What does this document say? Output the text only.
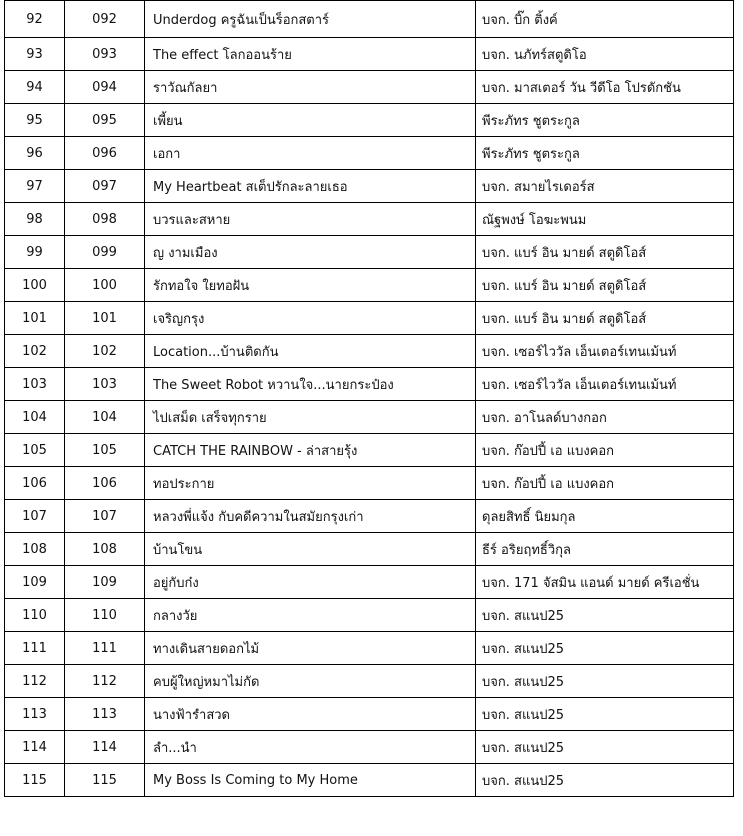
92	092	Underdog ครูฉันเป็นร็อกสตาร์	บจก. บิ๊ก ติ้งค์
93	093	The effect โลกออนร้าย	บจก. นภัทร์สตูดิโอ
94	094	ราวัณกัลยา	บจก. มาสเตอร์ วัน วีดีโอ โปรดักชัน
95	095	เพี้ยน	พีระภัทร ชูตระกูล
96	096	เอกา	พีระภัทร ชูตระกูล
97	097	My Heartbeat สเต็ปรักละลายเธอ	บจก. สมายไรเดอร์ส
98	098	บวรและสหาย	ณัฐพงษ์ โอฆะพนม
99	099	ญ งามเมือง	บจก. แบร์ อิน มายด์ สตูดิโอส์
100	100	รักทอใจ ใยทอฝัน	บจก. แบร์ อิน มายด์ สตูดิโอส์
101	101	เจริญกรุง	บจก. แบร์ อิน มายด์ สตูดิโอส์
102	102	Location...บ้านติดกัน	บจก. เซอร์ไววัล เอ็นเตอร์เทนเม้นท์
103	103	The Sweet Robot หวานใจ...นายกระป๋อง	บจก. เซอร์ไววัล เอ็นเตอร์เทนเม้นท์
104	104	ไปเสม็ด เสร็จทุกราย	บจก. อาโนลด์บางกอก
105	105	CATCH THE RAINBOW - ล่าสายรุ้ง	บจก. ก๊อปปี้ เอ แบงคอก
106	106	ทอประกาย	บจก. ก๊อปปี้ เอ แบงคอก
107	107	หลวงพี่แจ้ง กับคดีความในสมัยกรุงเก่า	ดุลยสิทธิ์ นิยมกุล
108	108	บ้านโขน	ธีร์ อริยฤทธิ์วิกุล
109	109	อยู่กับก๋ง	บจก. 171 จัสมิน แอนด์ มายด์ ครีเอชั่น
110	110	กลางวัย	บจก. สแนป25
111	111	ทางเดินสายดอกไม้	บจก. สแนป25
112	112	คบผู้ใหญ่หมาไม่กัด	บจก. สแนป25
113	113	นางฟ้ารำสวด	บจก. สแนป25
114	114	ลำ...นำ	บจก. สแนป25
115	115	My Boss Is Coming to My Home	บจก. สแนป25
